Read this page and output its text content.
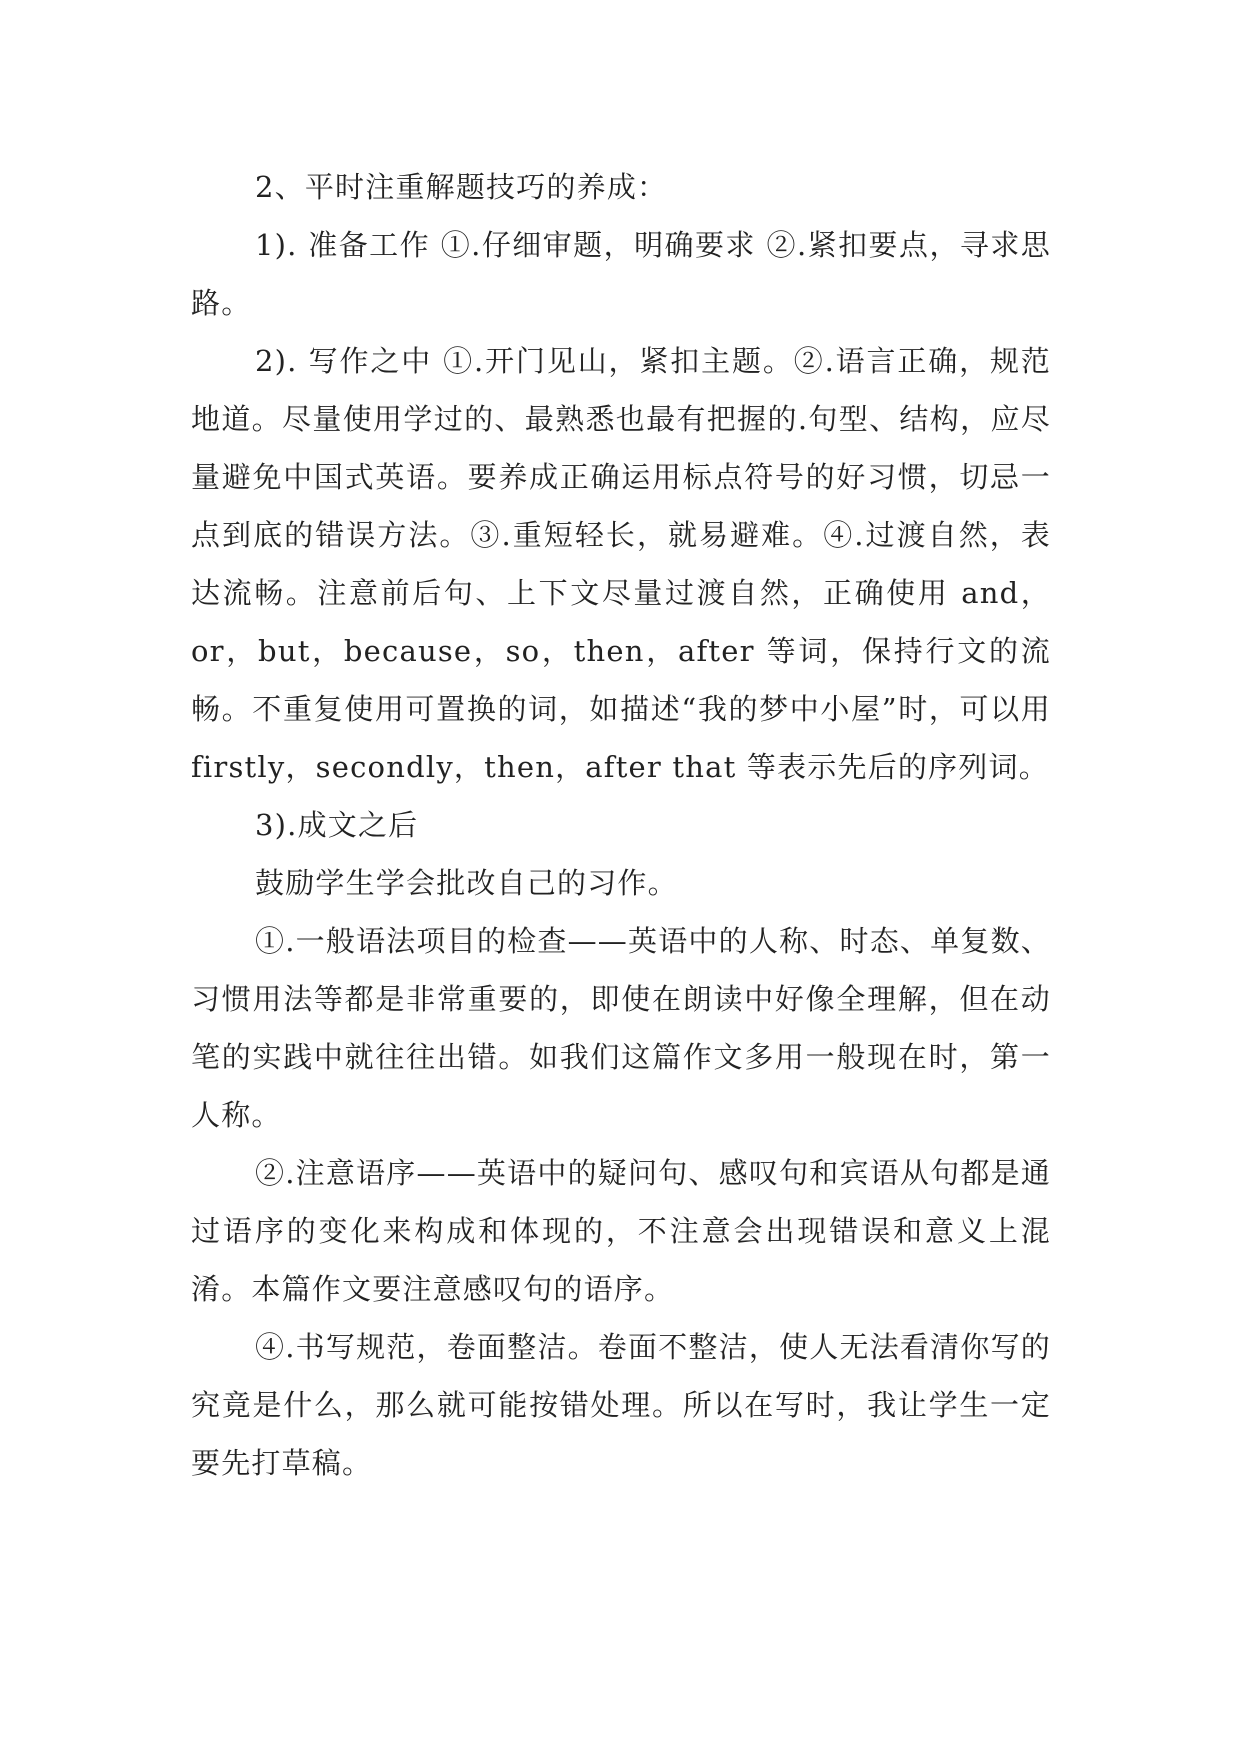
2、平时注重解题技巧的养成：

1). 准备工作 ①.仔细审题，明确要求 ②.紧扣要点，寻求思路。

2). 写作之中 ①.开门见山，紧扣主题。②.语言正确，规范地道。尽量使用学过的、最熟悉也最有把握的.句型、结构，应尽量避免中国式英语。要养成正确运用标点符号的好习惯，切忌一点到底的错误方法。③.重短轻长，就易避难。④.过渡自然，表达流畅。注意前后句、上下文尽量过渡自然，正确使用 and，or，but，because，so，then，after 等词，保持行文的流畅。不重复使用可置换的词，如描述“我的梦中小屋”时，可以用 firstly，secondly，then，after that 等表示先后的序列词。

3).成文之后

鼓励学生学会批改自己的习作。

①.一般语法项目的检查——英语中的人称、时态、单复数、习惯用法等都是非常重要的，即使在朗读中好像全理解，但在动笔的实践中就往往出错。如我们这篇作文多用一般现在时，第一人称。

②.注意语序——英语中的疑问句、感叹句和宾语从句都是通过语序的变化来构成和体现的，不注意会出现错误和意义上混淆。本篇作文要注意感叹句的语序。

④.书写规范，卷面整洁。卷面不整洁，使人无法看清你写的究竟是什么，那么就可能按错处理。所以在写时，我让学生一定要先打草稿。
